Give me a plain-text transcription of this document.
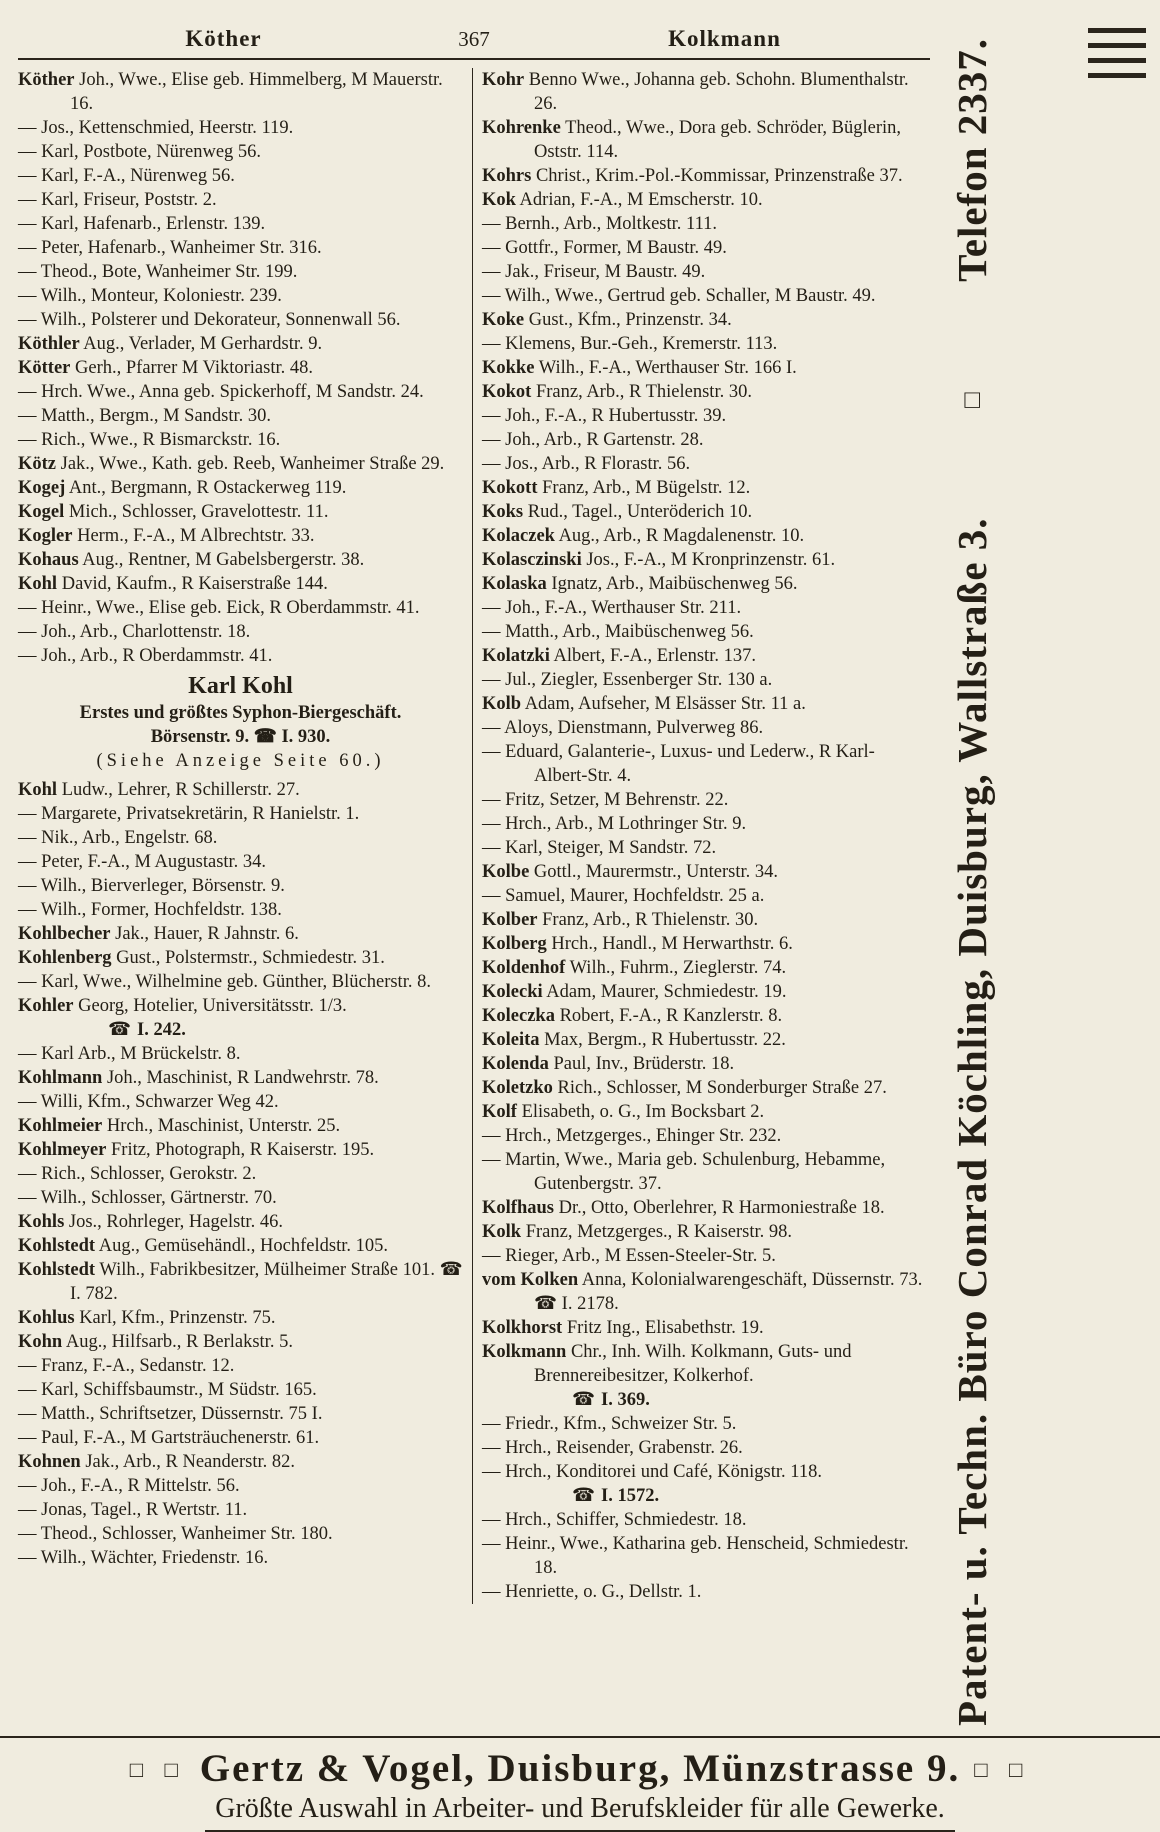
Köther	367	Kolkmann
Köther Joh., Wwe., Elise geb. Himmelberg, M Mauerstr. 16.
— Jos., Kettenschmied, Heerstr. 119.
— Karl, Postbote, Nürenweg 56.
— Karl, F.-A., Nürenweg 56.
— Karl, Friseur, Poststr. 2.
— Karl, Hafenarb., Erlenstr. 139.
— Peter, Hafenarb., Wanheimer Str. 316.
— Theod., Bote, Wanheimer Str. 199.
— Wilh., Monteur, Koloniestr. 239.
— Wilh., Polsterer und Dekorateur, Sonnenwall 56.
Köthler Aug., Verlader, M Gerhardstr. 9.
Kötter Gerh., Pfarrer M Viktoriastr. 48.
— Hrch. Wwe., Anna geb. Spickerhoff, M Sandstr. 24.
— Matth., Bergm., M Sandstr. 30.
— Rich., Wwe., R Bismarckstr. 16.
Kötz Jak., Wwe., Kath. geb. Reeb, Wanheimer Straße 29.
Kogej Ant., Bergmann, R Ostackerweg 119.
Kogel Mich., Schlosser, Gravelottestr. 11.
Kogler Herm., F.-A., M Albrechtstr. 33.
Kohaus Aug., Rentner, M Gabelsbergerstr. 38.
Kohl David, Kaufm., R Kaiserstraße 144.
— Heinr., Wwe., Elise geb. Eick, R Oberdammstr. 41.
— Joh., Arb., Charlottenstr. 18.
— Joh., Arb., R Oberdammstr. 41.
Karl Kohl
Erstes und größtes Syphon-Biergeschäft.
Börsenstr. 9. ☎ I. 930.
(Siehe Anzeige Seite 60.)
Kohl Ludw., Lehrer, R Schillerstr. 27.
— Margarete, Privatsekretärin, R Hanielstr. 1.
— Nik., Arb., Engelstr. 68.
— Peter, F.-A., M Augustastr. 34.
— Wilh., Bierverleger, Börsenstr. 9.
— Wilh., Former, Hochfeldstr. 138.
Kohlbecher Jak., Hauer, R Jahnstr. 6.
Kohlenberg Gust., Polstermstr., Schmiedestr. 31.
— Karl, Wwe., Wilhelmine geb. Günther, Blücherstr. 8.
Kohler Georg, Hotelier, Universitätsstr. 1/3.
☎ I. 242.
— Karl Arb., M Brückelstr. 8.
Kohlmann Joh., Maschinist, R Landwehrstr. 78.
— Willi, Kfm., Schwarzer Weg 42.
Kohlmeier Hrch., Maschinist, Unterstr. 25.
Kohlmeyer Fritz, Photograph, R Kaiserstr. 195.
— Rich., Schlosser, Gerokstr. 2.
— Wilh., Schlosser, Gärtnerstr. 70.
Kohls Jos., Rohrleger, Hagelstr. 46.
Kohlstedt Aug., Gemüsehändl., Hochfeldstr. 105.
Kohlstedt Wilh., Fabrikbesitzer, Mülheimer Straße 101. ☎ I. 782.
Kohlus Karl, Kfm., Prinzenstr. 75.
Kohn Aug., Hilfsarb., R Berlakstr. 5.
— Franz, F.-A., Sedanstr. 12.
— Karl, Schiffsbaumstr., M Südstr. 165.
— Matth., Schriftsetzer, Düssernstr. 75 I.
— Paul, F.-A., M Gartsträuchenerstr. 61.
Kohnen Jak., Arb., R Neanderstr. 82.
— Joh., F.-A., R Mittelstr. 56.
— Jonas, Tagel., R Wertstr. 11.
— Theod., Schlosser, Wanheimer Str. 180.
— Wilh., Wächter, Friedenstr. 16.
Kohr Benno Wwe., Johanna geb. Schohn. Blumenthalstr. 26.
Kohrenke Theod., Wwe., Dora geb. Schröder, Büglerin, Oststr. 114.
Kohrs Christ., Krim.-Pol.-Kommissar, Prinzenstraße 37.
Kok Adrian, F.-A., M Emscherstr. 10.
— Bernh., Arb., Moltkestr. 111.
— Gottfr., Former, M Baustr. 49.
— Jak., Friseur, M Baustr. 49.
— Wilh., Wwe., Gertrud geb. Schaller, M Baustr. 49.
Koke Gust., Kfm., Prinzenstr. 34.
— Klemens, Bur.-Geh., Kremerstr. 113.
Kokke Wilh., F.-A., Werthauser Str. 166 I.
Kokot Franz, Arb., R Thielenstr. 30.
— Joh., F.-A., R Hubertusstr. 39.
— Joh., Arb., R Gartenstr. 28.
— Jos., Arb., R Florastr. 56.
Kokott Franz, Arb., M Bügelstr. 12.
Koks Rud., Tagel., Unteröderich 10.
Kolaczek Aug., Arb., R Magdalenenstr. 10.
Kolasczinski Jos., F.-A., M Kronprinzenstr. 61.
Kolaska Ignatz, Arb., Maibüschenweg 56.
— Joh., F.-A., Werthauser Str. 211.
— Matth., Arb., Maibüschenweg 56.
Kolatzki Albert, F.-A., Erlenstr. 137.
— Jul., Ziegler, Essenberger Str. 130 a.
Kolb Adam, Aufseher, M Elsässer Str. 11 a.
— Aloys, Dienstmann, Pulverweg 86.
— Eduard, Galanterie-, Luxus- und Lederw., R Karl-Albert-Str. 4.
— Fritz, Setzer, M Behrenstr. 22.
— Hrch., Arb., M Lothringer Str. 9.
— Karl, Steiger, M Sandstr. 72.
Kolbe Gottl., Maurermstr., Unterstr. 34.
— Samuel, Maurer, Hochfeldstr. 25 a.
Kolber Franz, Arb., R Thielenstr. 30.
Kolberg Hrch., Handl., M Herwarthstr. 6.
Koldenhof Wilh., Fuhrm., Zieglerstr. 74.
Kolecki Adam, Maurer, Schmiedestr. 19.
Koleczka Robert, F.-A., R Kanzlerstr. 8.
Koleita Max, Bergm., R Hubertusstr. 22.
Kolenda Paul, Inv., Brüderstr. 18.
Koletzko Rich., Schlosser, M Sonderburger Straße 27.
Kolf Elisabeth, o. G., Im Bocksbart 2.
— Hrch., Metzgerges., Ehinger Str. 232.
— Martin, Wwe., Maria geb. Schulenburg, Hebamme, Gutenbergstr. 37.
Kolfhaus Dr., Otto, Oberlehrer, R Harmoniestraße 18.
Kolk Franz, Metzgerges., R Kaiserstr. 98.
— Rieger, Arb., M Essen-Steeler-Str. 5.
vom Kolken Anna, Kolonialwarengeschäft, Düssernstr. 73. ☎ I. 2178.
Kolkhorst Fritz Ing., Elisabethstr. 19.
Kolkmann Chr., Inh. Wilh. Kolkmann, Guts- und Brennereibesitzer, Kolkerhof.
☎ I. 369.
— Friedr., Kfm., Schweizer Str. 5.
— Hrch., Reisender, Grabenstr. 26.
— Hrch., Konditorei und Café, Königstr. 118.
☎ I. 1572.
— Hrch., Schiffer, Schmiedestr. 18.
— Heinr., Wwe., Katharina geb. Henscheid, Schmiedestr. 18.
— Henriette, o. G., Dellstr. 1.	Patent- u. Techn. Büro Conrad Köchling, Duisburg, Wallstraße 3.
□
Telefon 2337.
□ □ Gertz & Vogel, Duisburg, Münzstrasse 9. □ □
Größte Auswahl in Arbeiter- und Berufskleider für alle Gewerke.
